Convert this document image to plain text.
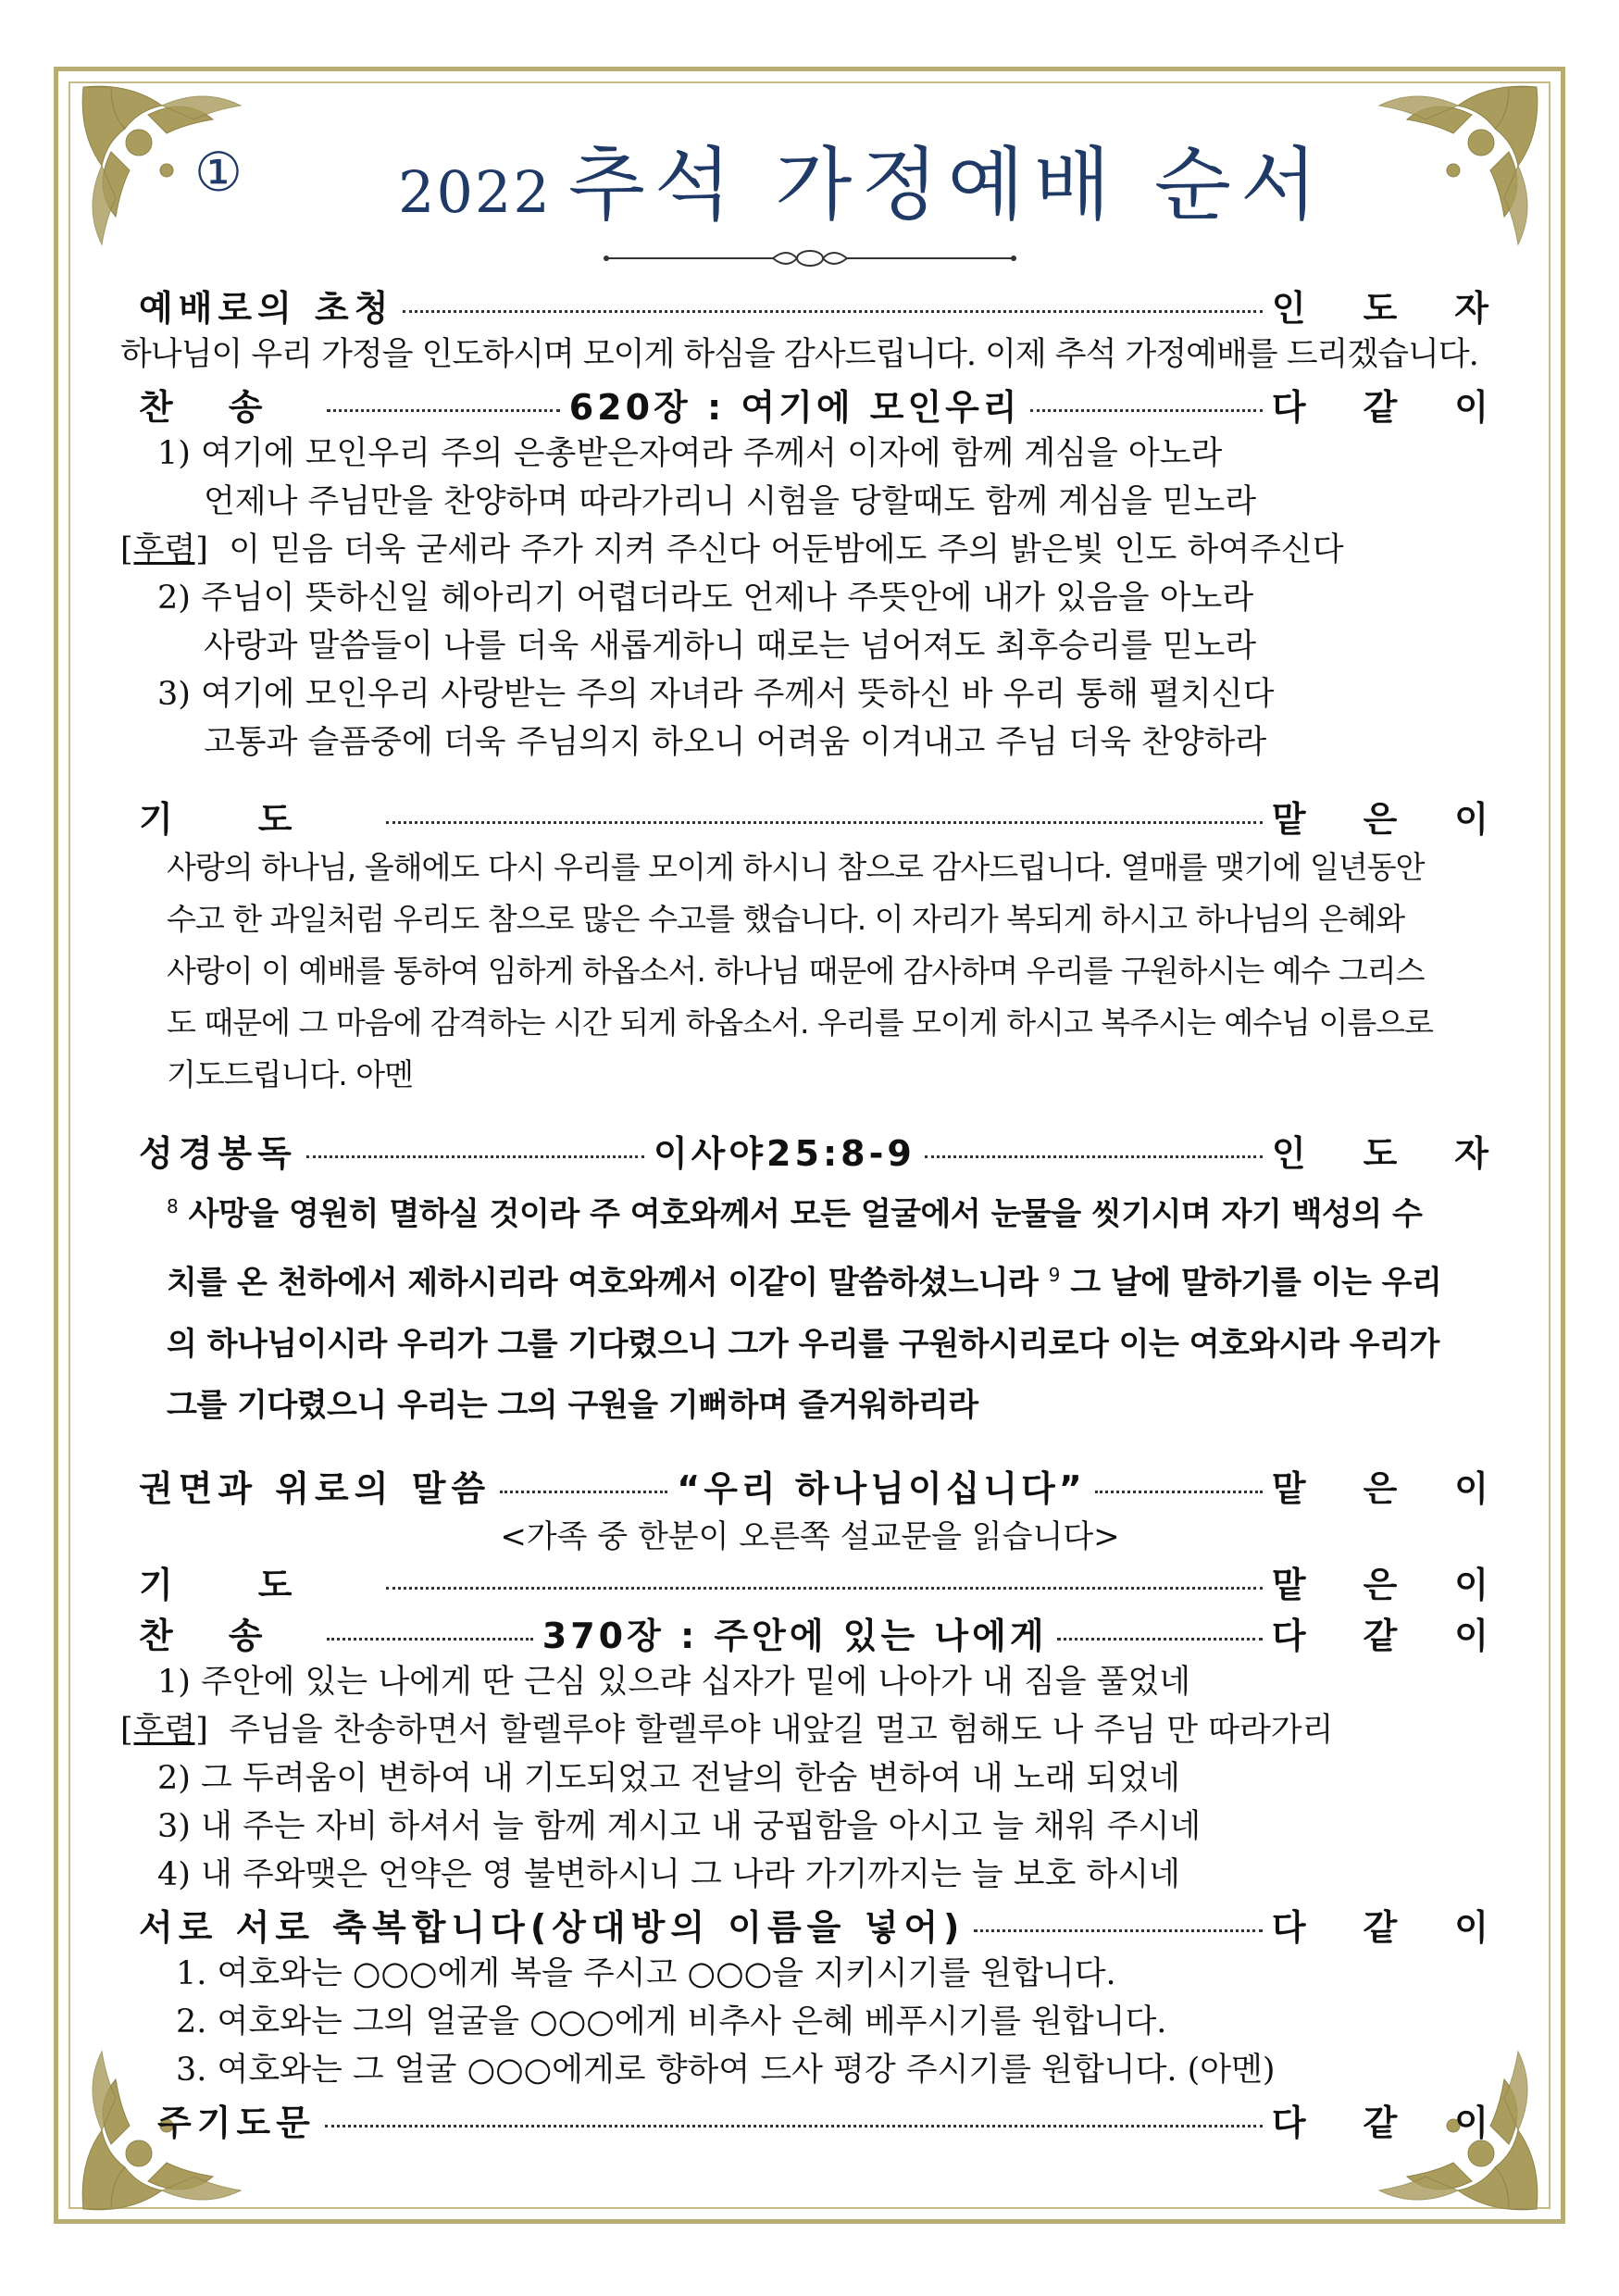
①	2022 추석 가정예배 순서
예배로의 초청	인도자
하나님이 우리 가정을 인도하시며 모이게 하심을 감사드립니다. 이제 추석 가정예배를 드리겠습니다.
찬송	620장 : 여기에 모인우리	다같이
1) 여기에 모인우리 주의 은총받은자여라 주께서 이자에 함께 계심을 아노라
언제나 주님만을 찬양하며 따라가리니 시험을 당할때도 함께 계심을 믿노라
[후렴] 이 믿음 더욱 굳세라 주가 지켜 주신다 어둔밤에도 주의 밝은빛 인도 하여주신다
2) 주님이 뜻하신일 헤아리기 어렵더라도 언제나 주뜻안에 내가 있음을 아노라
사랑과 말씀들이 나를 더욱 새롭게하니 때로는 넘어져도 최후승리를 믿노라
3) 여기에 모인우리 사랑받는 주의 자녀라 주께서 뜻하신 바 우리 통해 펼치신다
고통과 슬픔중에 더욱 주님의지 하오니 어려움 이겨내고 주님 더욱 찬양하라
기도	맡은이
사랑의 하나님, 올해에도 다시 우리를 모이게 하시니 참으로 감사드립니다. 열매를 맺기에 일년동안 수고 한 과일처럼 우리도 참으로 많은 수고를 했습니다. 이 자리가 복되게 하시고 하나님의 은혜와 사랑이 이 예배를 통하여 임하게 하옵소서. 하나님 때문에 감사하며 우리를 구원하시는 예수 그리스도 때문에 그 마음에 감격하는 시간 되게 하옵소서. 우리를 모이게 하시고 복주시는 예수님 이름으로 기도드립니다. 아멘
성경봉독	이사야25:8-9	인도자
$^8$ 사망을 영원히 멸하실 것이라 주 여호와께서 모든 얼굴에서 눈물을 씻기시며 자기 백성의 수치를 온 천하에서 제하시리라 여호와께서 이같이 말씀하셨느니라 $^9$ 그 날에 말하기를 이는 우리의 하나님이시라 우리가 그를 기다렸으니 그가 우리를 구원하시리로다 이는 여호와시라 우리가 그를 기다렸으니 우리는 그의 구원을 기뻐하며 즐거워하리라
권면과 위로의 말씀	“우리 하나님이십니다”	맡은이
<가족 중 한분이 오른쪽 설교문을 읽습니다>
기도	맡은이
찬송	370장 : 주안에 있는 나에게	다같이
1) 주안에 있는 나에게 딴 근심 있으랴 십자가 밑에 나아가 내 짐을 풀었네
[후렴] 주님을 찬송하면서 할렐루야 할렐루야 내앞길 멀고 험해도 나 주님 만 따라가리
2) 그 두려움이 변하여 내 기도되었고 전날의 한숨 변하여 내 노래 되었네
3) 내 주는 자비 하셔서 늘 함께 계시고 내 궁핍함을 아시고 늘 채워 주시네
4) 내 주와맺은 언약은 영 불변하시니 그 나라 가기까지는 늘 보호 하시네
서로 서로 축복합니다(상대방의 이름을 넣어)	다같이
1. 여호와는 ○○○에게 복을 주시고 ○○○을 지키시기를 원합니다.
2. 여호와는 그의 얼굴을 ○○○에게 비추사 은혜 베푸시기를 원합니다.
3. 여호와는 그 얼굴 ○○○에게로 향하여 드사 평강 주시기를 원합니다. (아멘)
주기도문	다같이
